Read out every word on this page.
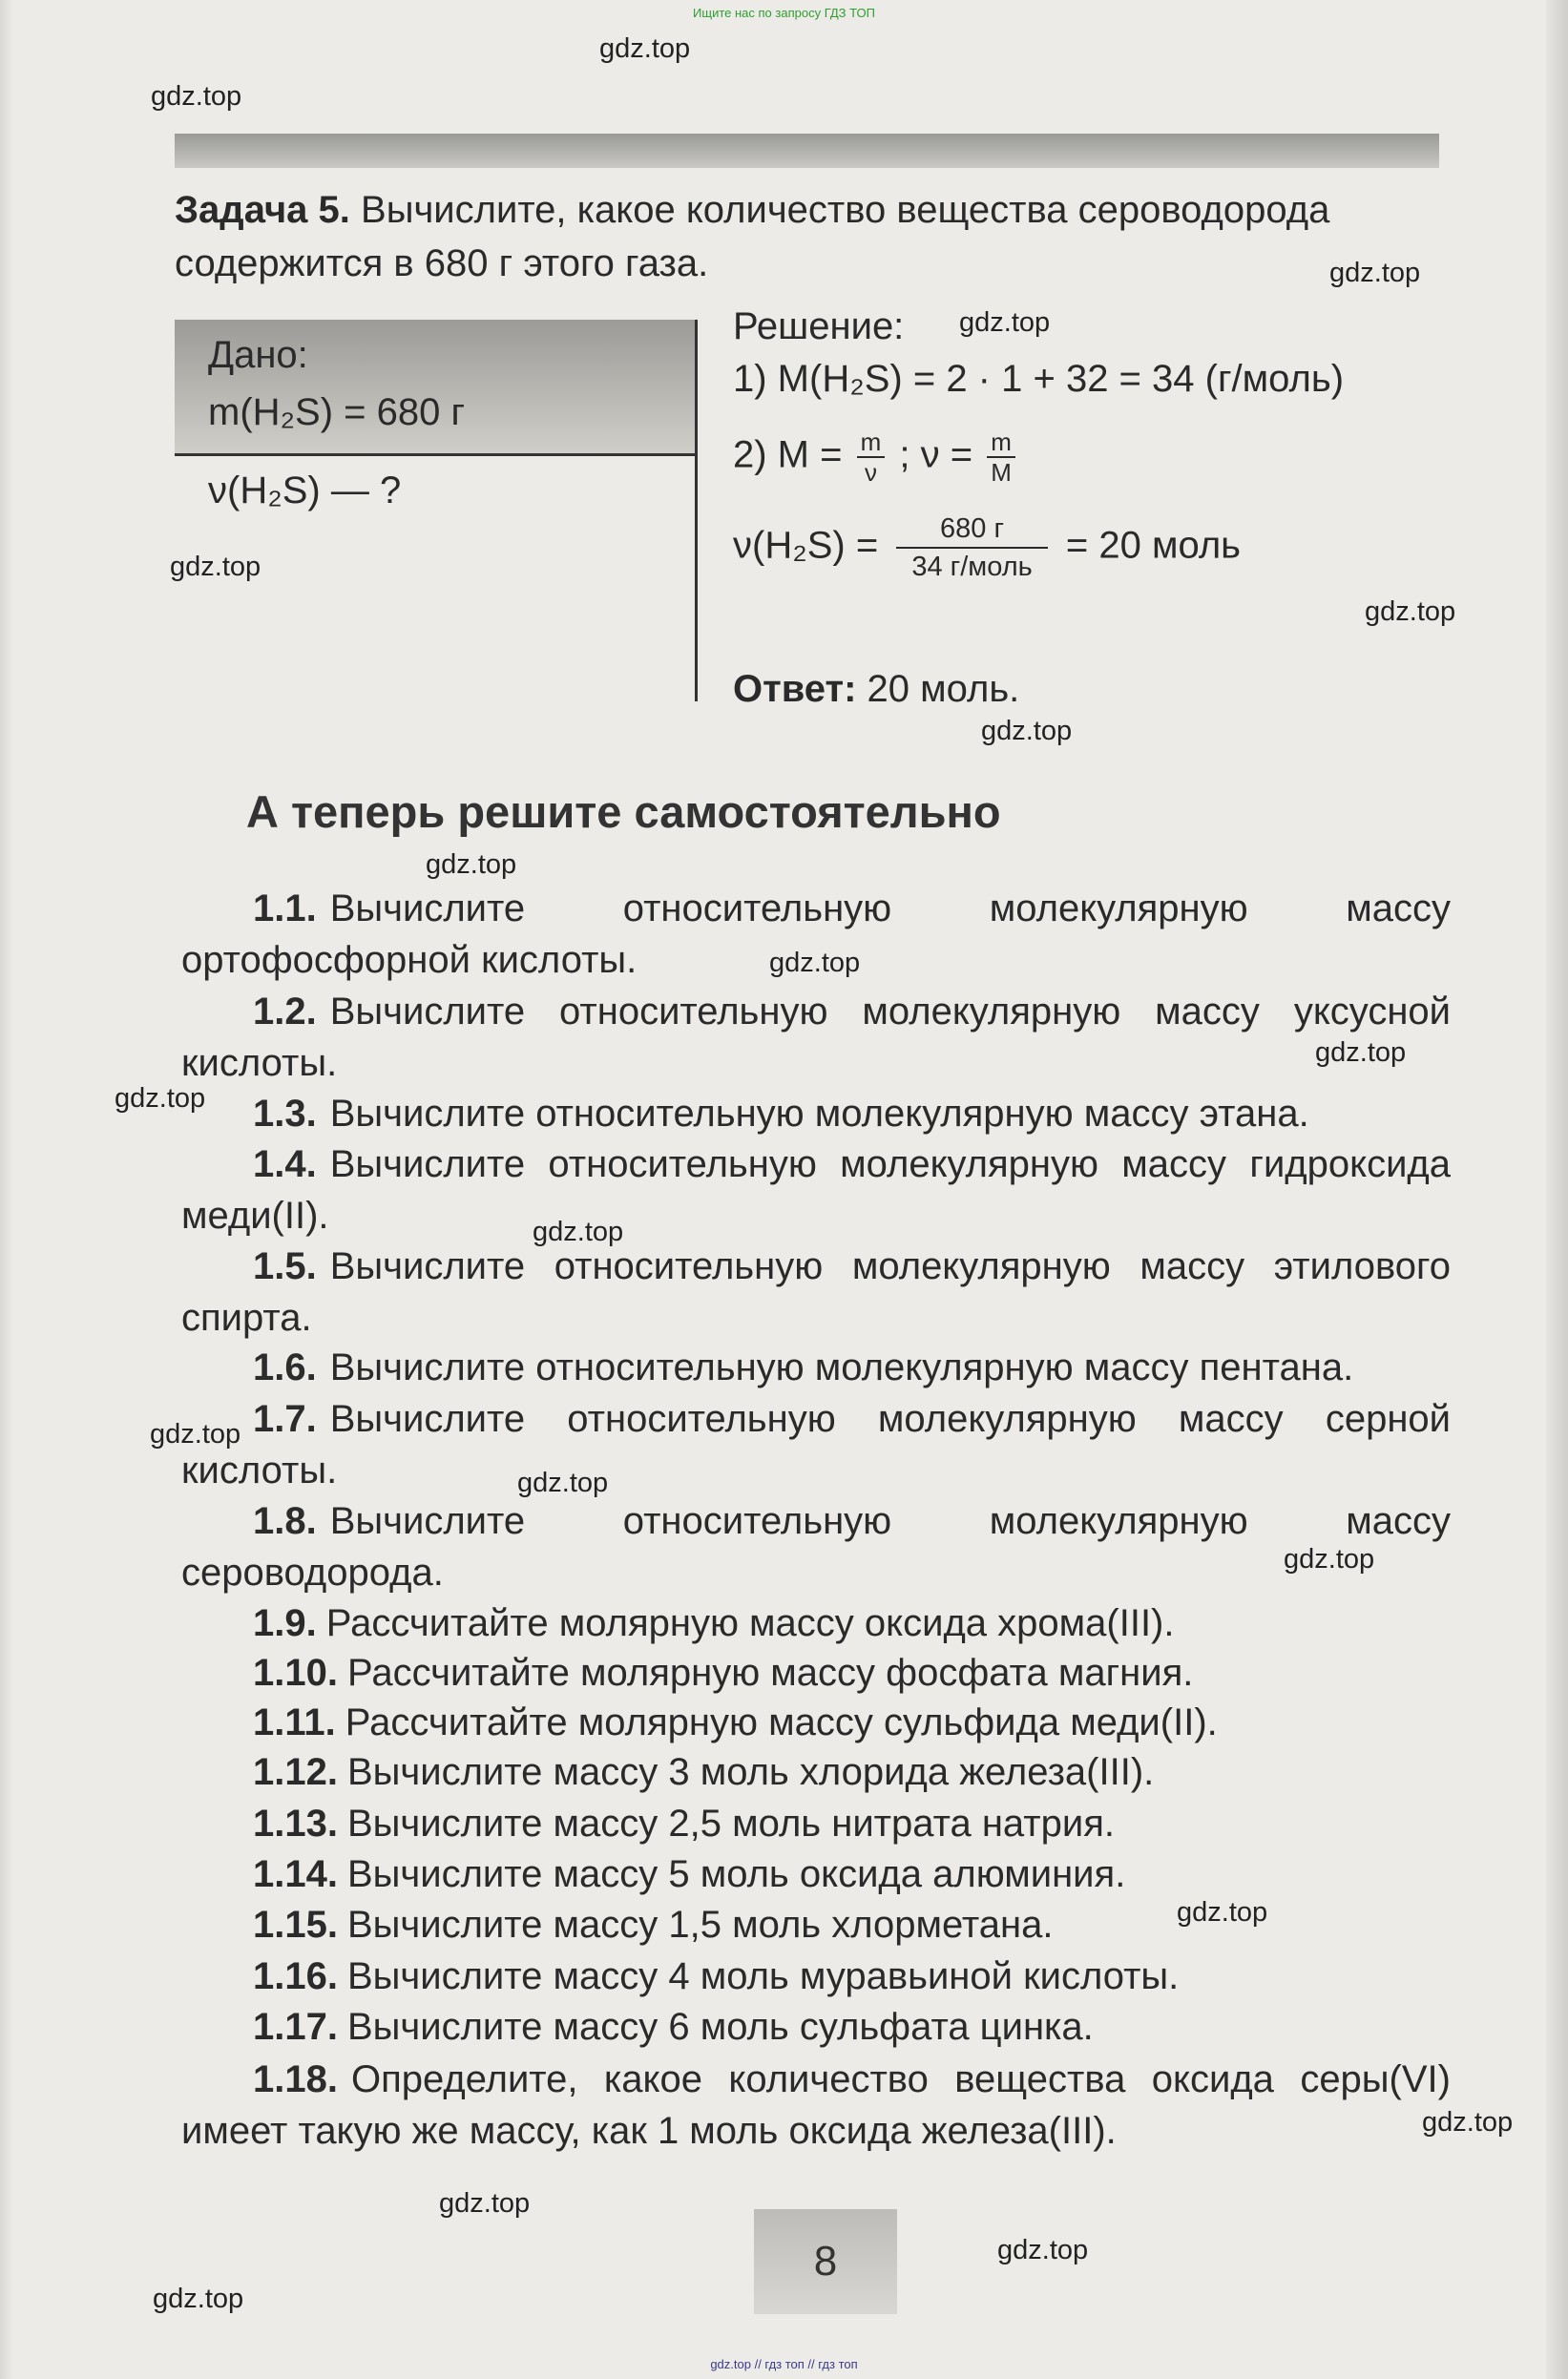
Ищите нас по запросу ГДЗ ТОП
Задача 5. Вычислите, какое количество вещества сероводорода содержится в 680 г этого газа.
Дано:
m(H₂S) = 680 г
ν(H₂S) — ?
Решение:
1) M(H₂S) = 2 · 1 + 32 = 34 (г/моль)
2) $M = \frac{m}{\nu}$ ; $\nu = \frac{m}{M}$
$\nu(H_2S) = \frac{680 г}{\text{34 г/моль}} = 20$ моль
Ответ: 20 моль.
А теперь решите самостоятельно
1.1. Вычислите относительную молекулярную массу ортофосфорной кислоты.
1.2. Вычислите относительную молекулярную массу уксусной кислоты.
1.3. Вычислите относительную молекулярную массу этана.
1.4. Вычислите относительную молекулярную массу гидроксида меди(II).
1.5. Вычислите относительную молекулярную массу этилового спирта.
1.6. Вычислите относительную молекулярную массу пентана.
1.7. Вычислите относительную молекулярную массу серной кислоты.
1.8. Вычислите относительную молекулярную массу сероводорода.
1.9. Рассчитайте молярную массу оксида хрома(III).
1.10. Рассчитайте молярную массу фосфата магния.
1.11. Рассчитайте молярную массу сульфида меди(II).
1.12. Вычислите массу 3 моль хлорида железа(III).
1.13. Вычислите массу 2,5 моль нитрата натрия.
1.14. Вычислите массу 5 моль оксида алюминия.
1.15. Вычислите массу 1,5 моль хлорметана.
1.16. Вычислите массу 4 моль муравьиной кислоты.
1.17. Вычислите массу 6 моль сульфата цинка.
1.18. Определите, какое количество вещества оксида серы(VI) имеет такую же массу, как 1 моль оксида железа(III).
8
gdz.top
gdz.top
gdz.top
gdz.top
gdz.top
gdz.top
gdz.top
gdz.top
gdz.top
gdz.top
gdz.top
gdz.top
gdz.top
gdz.top
gdz.top
gdz.top
gdz.top
gdz.top
gdz.top
gdz.top
gdz.top // гдз топ // гдз топ
